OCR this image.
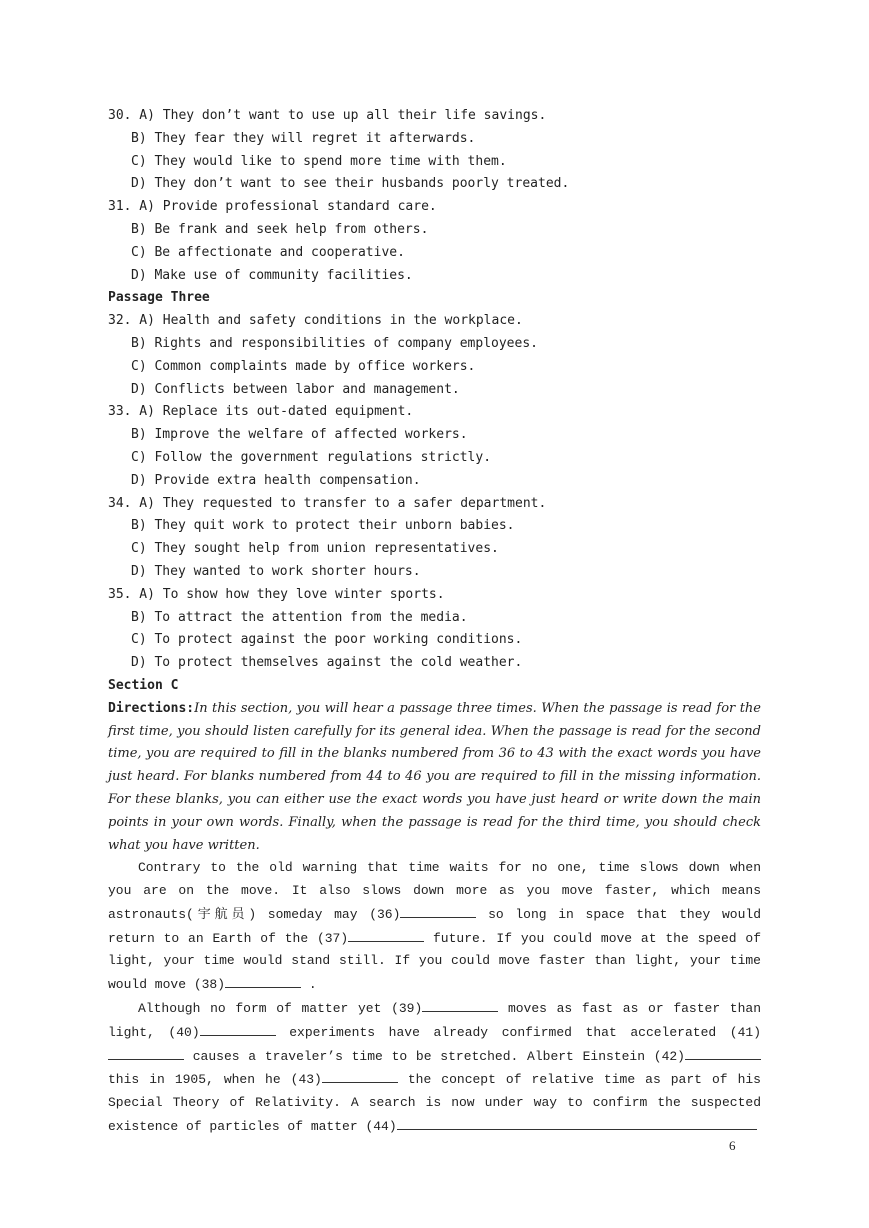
30. A) They don’t want to use up all their life savings.
B) They fear they will regret it afterwards.
C) They would like to spend more time with them.
D) They don’t want to see their husbands poorly treated.
31. A) Provide professional standard care.
B) Be frank and seek help from others.
C) Be affectionate and cooperative.
D) Make use of community facilities.
Passage Three
32. A) Health and safety conditions in the workplace.
B) Rights and responsibilities of company employees.
C) Common complaints made by office workers.
D) Conflicts between labor and management.
33. A) Replace its out-dated equipment.
B) Improve the welfare of affected workers.
C) Follow the government regulations strictly.
D) Provide extra health compensation.
34. A) They requested to transfer to a safer department.
B) They quit work to protect their unborn babies.
C) They sought help from union representatives.
D) They wanted to work shorter hours.
35. A) To show how they love winter sports.
B) To attract the attention from the media.
C) To protect against the poor working conditions.
D) To protect themselves against the cold weather.
Section C
Directions:In this section, you will hear a passage three times. When the passage is read for the first time, you should listen carefully for its general idea. When the passage is read for the second time, you are required to fill in the blanks numbered from 36 to 43 with the exact words you have just heard. For blanks numbered from 44 to 46 you are required to fill in the missing information. For these blanks, you can either use the exact words you have just heard or write down the main points in your own words. Finally, when the passage is read for the third time, you should check what you have written.
Contrary to the old warning that time waits for no one, time slows down when you are on the move. It also slows down more as you move faster, which means astronauts(宇航员) someday may (36)	so long in space that they would return to an Earth of the (37)	future. If you could move at the speed of light, your time would stand still. If you could move faster than light, your time would move (38)	.
Although no form of matter yet (39)	moves as fast as or faster than light, (40)	experiments have already confirmed that accelerated (41) causes a traveler’s time to be stretched. Albert Einstein (42) this in 1905, when he (43)	the concept of relative time as part of his Special Theory of Relativity. A search is now under way to confirm the suspected existence of particles of matter (44)
6
